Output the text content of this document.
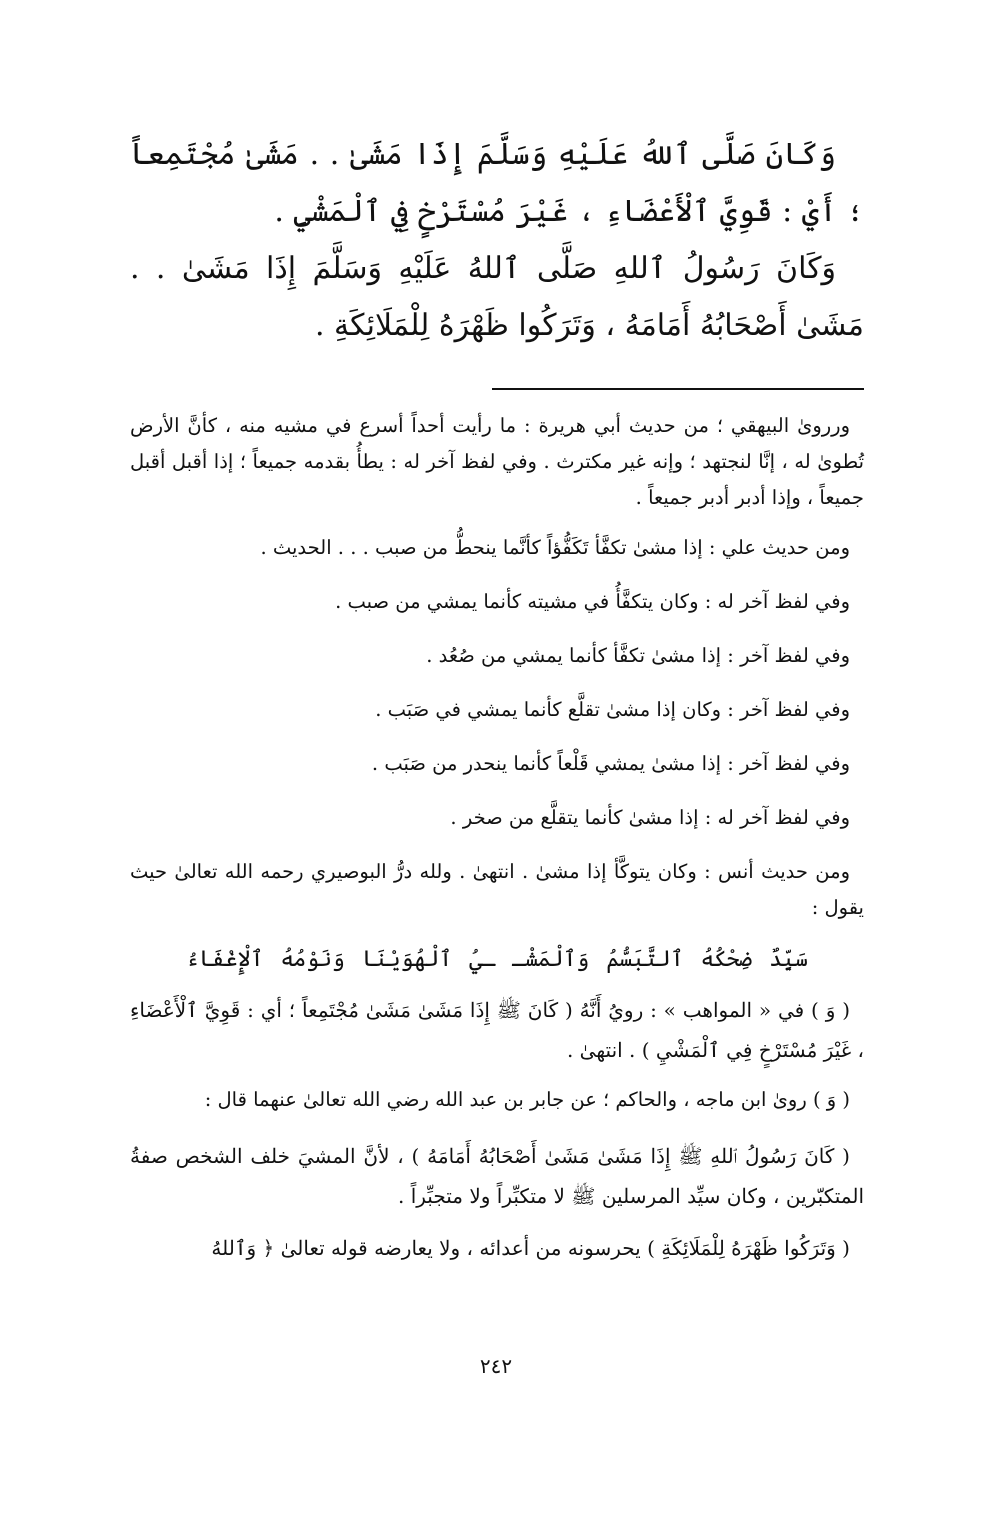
وَكَانَ صَلَّى ٱللهُ عَلَيْهِ وَسَلَّمَ إِذَا مَشَىٰ . . مَشَىٰ مُجْتَمِعاً ؛ أَيْ : قَوِيَّ ٱلْأَعْضَاءِ ، غَيْرَ مُسْتَرْخٍ فِي ٱلْمَشْيِ .

وَكَانَ رَسُولُ ٱللهِ صَلَّى ٱللهُ عَلَيْهِ وَسَلَّمَ إِذَا مَشَىٰ . . مَشَىٰ أَصْحَابُهُ أَمَامَهُ ، وَتَرَكُوا ظَهْرَهُ لِلْمَلَائِكَةِ .

ورروىٰ البيهقي ؛ من حديث أبي هريرة : ما رأيت أحداً أسرع في مشيه منه ، كأنَّ الأرض تُطوىٰ له ، إنَّا لنجتهد ؛ وإنه غير مكترث . وفي لفظ آخر له : يطأُ بقدمه جميعاً ؛ إذا أقبل أقبل جميعاً ، وإذا أدبر أدبر جميعاً .

ومن حديث علي : إذا مشىٰ تكفَّأ تَكَفُّؤاً كأنَّما ينحطُّ من صبب . . . الحديث .

وفي لفظ آخر له : وكان يتكفَّأُ في مشيته كأنما يمشي من صبب .

وفي لفظ آخر : إذا مشىٰ تكفَّأ كأنما يمشي من صُعُد .

وفي لفظ آخر : وكان إذا مشىٰ تقلَّع كأنما يمشي في صَبَب .

وفي لفظ آخر : إذا مشىٰ يمشي قَلْعاً كأنما ينحدر من صَبَب .

وفي لفظ آخر له : إذا مشىٰ كأنما يتقلَّع من صخر .

ومن حديث أنس : وكان يتوكَّأ إذا مشىٰ . انتهىٰ . ولله درُّ البوصيري رحمه الله تعالىٰ حيث يقول :

سَيِّدٌ ضِحْكُهُ ٱلتَّبَسُّمُ وَٱلْمَشْـ ـيُ ٱلْهُوَيْنَا وَنَوْمُهُ ٱلْإِغْفَاءُ

( وَ ) في « المواهب » : رويُ أَنَّهُ ( كَانَ ﷺ إِذَا مَشَىٰ مَشَىٰ مُجْتَمِعاً ؛ أي : قَوِيَّ ٱلْأَعْضَاءِ ، غَيْرَ مُسْتَرْخٍ فِي ٱلْمَشْيِ ) . انتهىٰ .

( وَ ) روىٰ ابن ماجه ، والحاكم ؛ عن جابر بن عبد الله رضي الله تعالىٰ عنهما قال :

( كَانَ رَسُولُ ٱللهِ ﷺ إِذَا مَشَىٰ مَشَىٰ أَصْحَابُهُ أَمَامَهُ ) ، لأنَّ المشيَ خلف الشخص صفةُ المتكبّرين ، وكان سيِّد المرسلين ﷺ لا متكبِّراً ولا متجبِّراً .

( وَتَرَكُوا ظَهْرَهُ لِلْمَلَائِكَةِ ) يحرسونه من أعدائه ، ولا يعارضه قوله تعالىٰ ﴿ وَٱللهُ

٢٤٢
